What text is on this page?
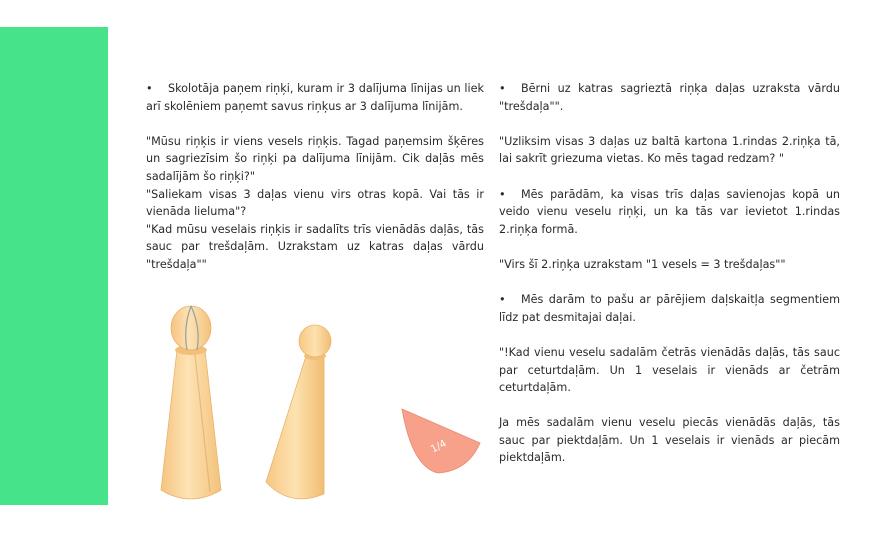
• Skolotāja paņem riņķi, kuram ir 3 dalījuma līnijas un liek arī skolēniem paņemt savus riņķus ar 3 dalījuma līnijām.

"Mūsu riņķis ir viens vesels riņķis. Tagad paņemsim šķēres un sagriezīsim šo riņķi pa dalījuma līnijām. Cik daļās mēs sadalījām šo riņķi?"

"Saliekam visas 3 daļas vienu virs otras kopā. Vai tās ir vienāda lieluma"?

"Kad mūsu veselais riņķis ir sadalīts trīs vienādās daļās, tās sauc par trešdaļām. Uzrakstam uz katras daļas vārdu "trešdaļa""

• Bērni uz katras sagrieztā riņķa daļas uzraksta vārdu "trešdaļa"".

"Uzliksim visas 3 daļas uz baltā kartona 1.rindas 2.riņķa tā, lai sakrīt griezuma vietas. Ko mēs tagad redzam? "

• Mēs parādām, ka visas trīs daļas savienojas kopā un veido vienu veselu riņķi, un ka tās var ievietot 1.rindas 2.riņķa formā.

"Virs šī 2.riņķa uzrakstam "1 vesels = 3 trešdaļas""

• Mēs darām to pašu ar pārējiem daļskaitļa segmentiem līdz pat desmitajai daļai.

"!Kad vienu veselu sadalām četrās vienādās daļās, tās sauc par ceturtdaļām. Un 1 veselais ir vienāds ar četrām ceturtdaļām.

Ja mēs sadalām vienu veselu piecās vienādās daļās, tās sauc par piektdaļām. Un 1 veselais ir vienāds ar piecām piektdaļām.

1/4
